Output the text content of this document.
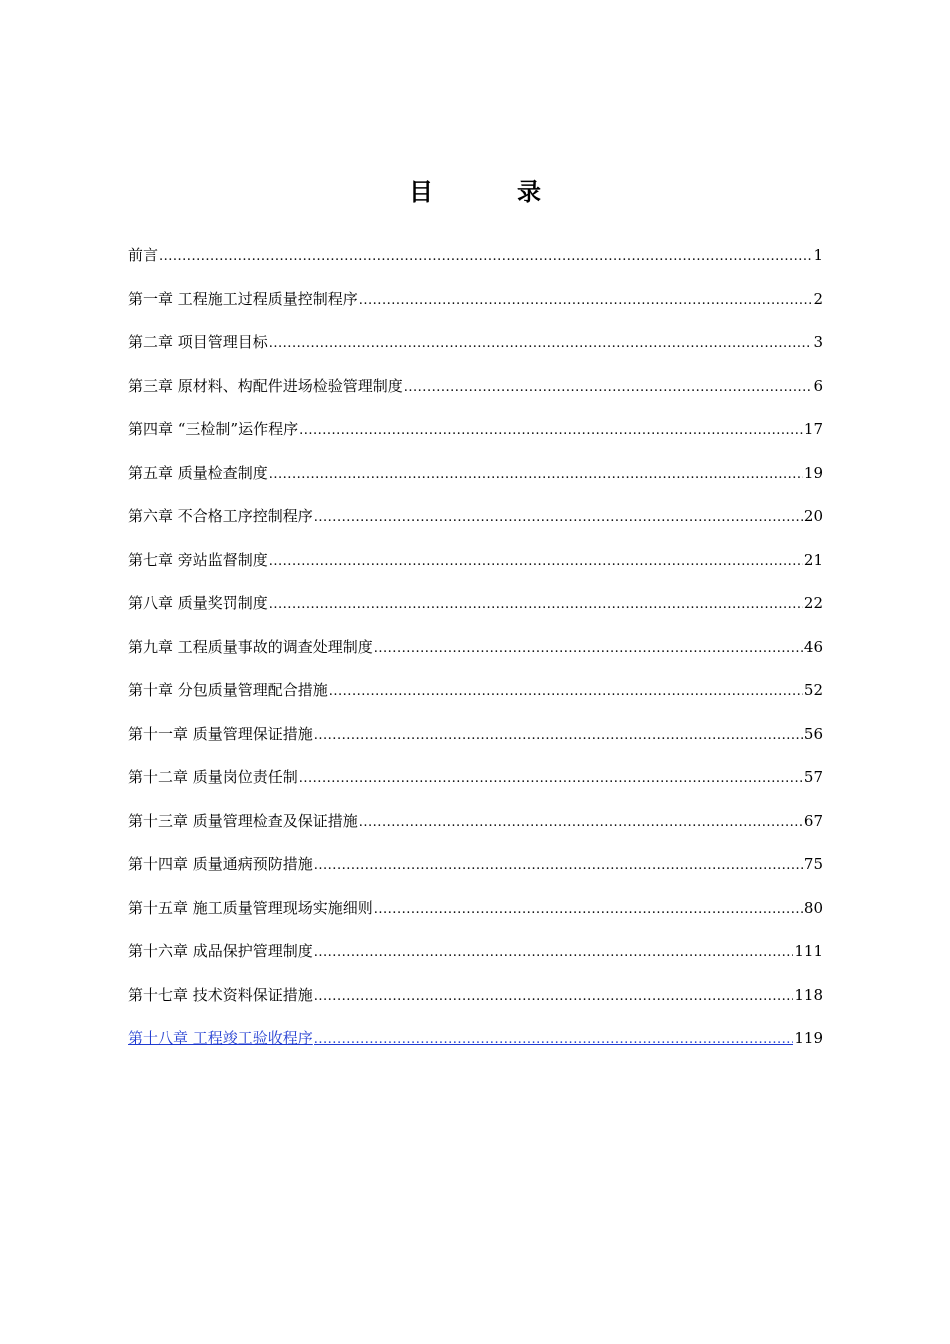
目　录
前言 .....	1
第一章 工程施工过程质量控制程序 .....	2
第二章 项目管理目标 .....	3
第三章 原材料、构配件进场检验管理制度 .....	6
第四章 “三检制”运作程序 .....	17
第五章 质量检查制度 .....	19
第六章 不合格工序控制程序 .....	20
第七章 旁站监督制度 .....	21
第八章 质量奖罚制度 .....	22
第九章 工程质量事故的调查处理制度 .....	46
第十章 分包质量管理配合措施 .....	52
第十一章 质量管理保证措施 .....	56
第十二章 质量岗位责任制 .....	57
第十三章 质量管理检查及保证措施 .....	67
第十四章 质量通病预防措施 .....	75
第十五章 施工质量管理现场实施细则 .....	80
第十六章 成品保护管理制度 .....	111
第十七章 技术资料保证措施 .....	118
第十八章 工程竣工验收程序 .....	119
